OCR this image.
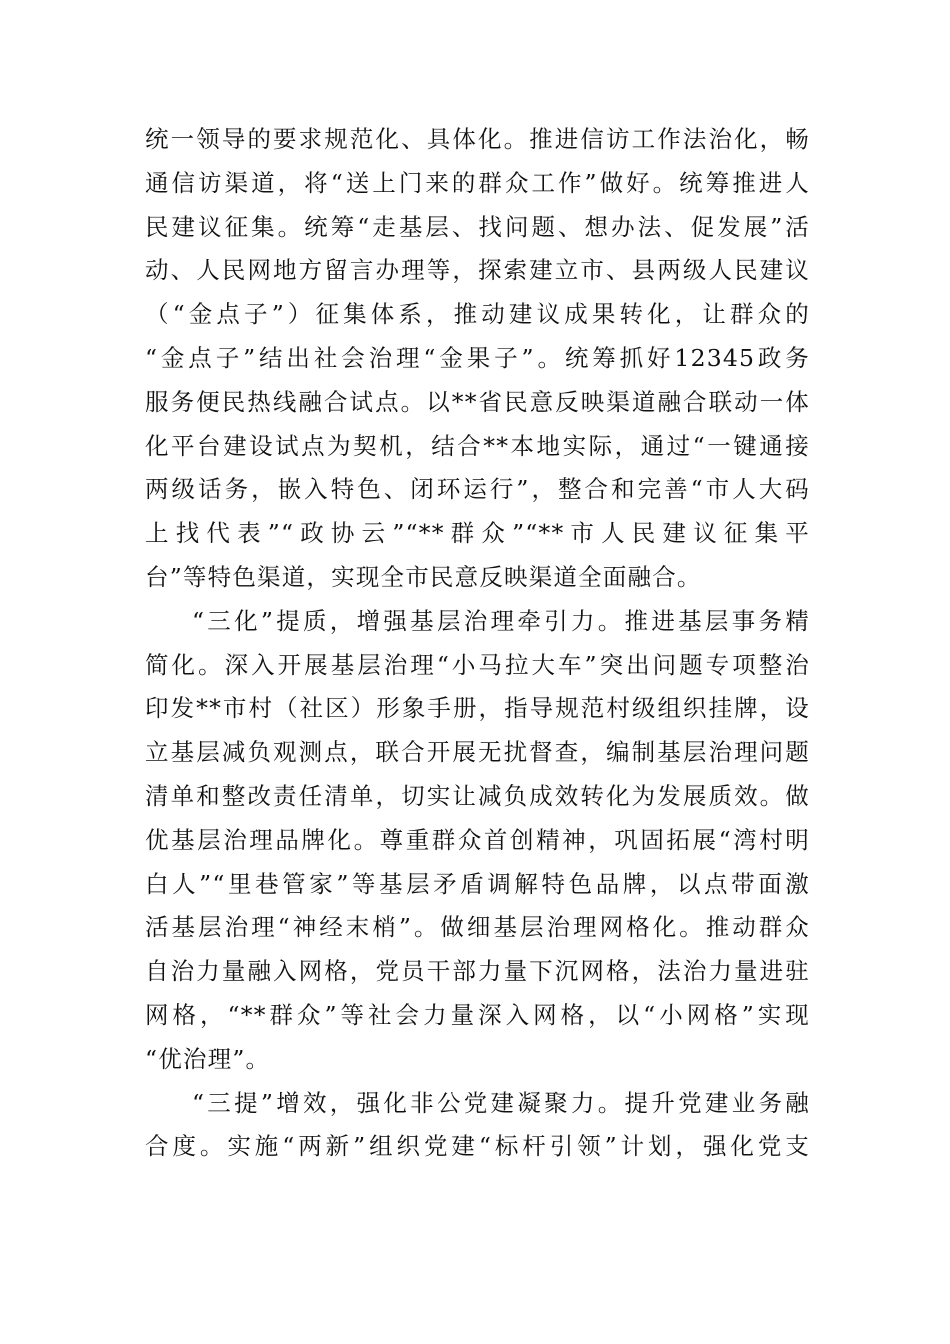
统一领导的要求规范化、具体化。推进信访工作法治化，畅
通信访渠道，将“送上门来的群众工作”做好。统筹推进人
民建议征集。统筹“走基层、找问题、想办法、促发展”活
动、人民网地方留言办理等，探索建立市、县两级人民建议
（“金点子”）征集体系，推动建议成果转化，让群众的
“金点子”结出社会治理“金果子”。统筹抓好12345政务
服务便民热线融合试点。以**省民意反映渠道融合联动一体
化平台建设试点为契机，结合**本地实际，通过“一键通接
两级话务，嵌入特色、闭环运行”，整合和完善“市人大码
上找代表”“政协云”“**群众”“**市人民建议征集平
台”等特色渠道，实现全市民意反映渠道全面融合。
“三化”提质，增强基层治理牵引力。推进基层事务精
简化。深入开展基层治理“小马拉大车”突出问题专项整治
印发**市村（社区）形象手册，指导规范村级组织挂牌，设
立基层减负观测点，联合开展无扰督查，编制基层治理问题
清单和整改责任清单，切实让减负成效转化为发展质效。做
优基层治理品牌化。尊重群众首创精神，巩固拓展“湾村明
白人”“里巷管家”等基层矛盾调解特色品牌，以点带面激
活基层治理“神经末梢”。做细基层治理网格化。推动群众
自治力量融入网格，党员干部力量下沉网格，法治力量进驻
网格，“**群众”等社会力量深入网格，以“小网格”实现
“优治理”。
“三提”增效，强化非公党建凝聚力。提升党建业务融
合度。实施“两新”组织党建“标杆引领”计划，强化党支
